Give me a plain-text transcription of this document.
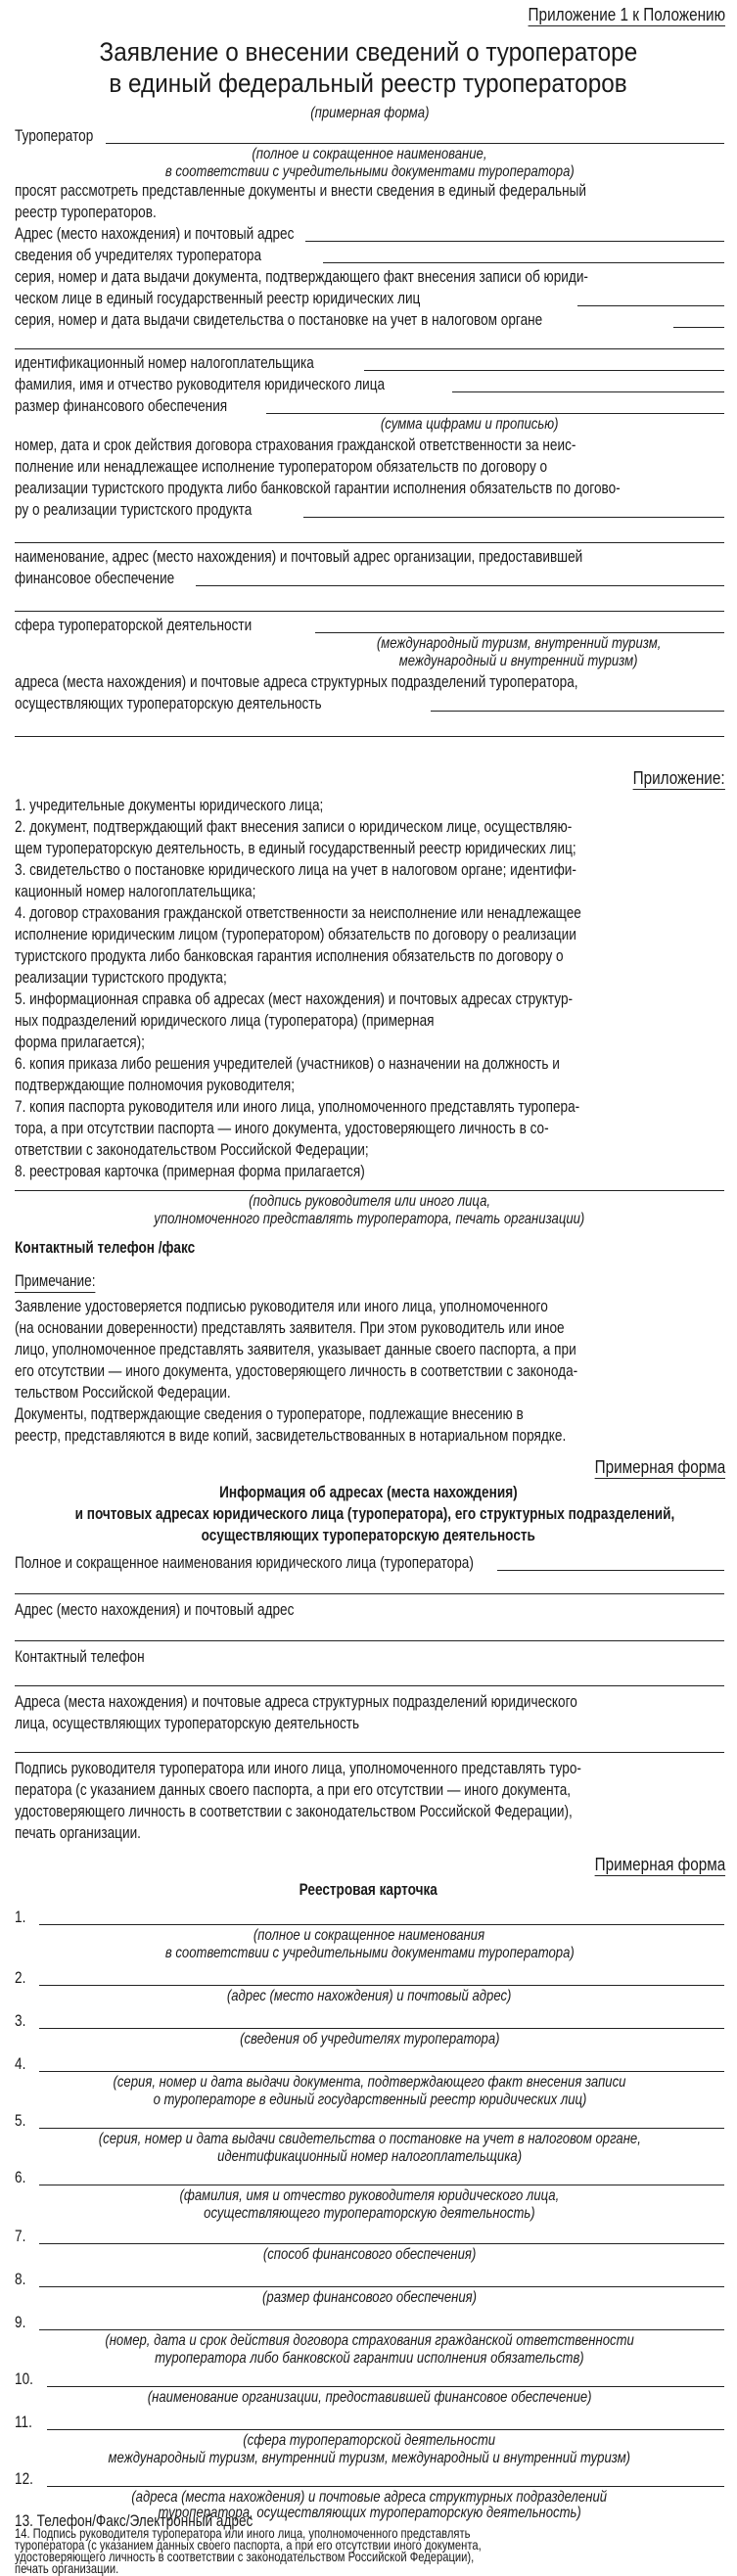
Приложение 1 к Положению
Заявление о внесении сведений о туроператоре
в единый федеральный реестр туроператоров
(примерная форма)
Туроператор
(полное и сокращенное наименование,
в соответствии с учредительными документами туроператора)
просят рассмотреть представленные документы и внести сведения в единый федеральный
реестр туроператоров.
Адрес (место нахождения) и почтовый адрес
сведения об учредителях туроператора
серия, номер и дата выдачи документа, подтверждающего факт внесения записи об юриди-
ческом лице в единый государственный реестр юридических лиц
серия, номер и дата выдачи свидетельства о постановке на учет в налоговом органе
идентификационный номер налогоплательщика
фамилия, имя и отчество руководителя юридического лица
размер финансового обеспечения
(сумма цифрами и прописью)
номер, дата и срок действия договора страхования гражданской ответственности за неис-
полнение или ненадлежащее исполнение туроператором обязательств по договору о
реализации туристского продукта либо банковской гарантии исполнения обязательств по догово-
ру о реализации туристского продукта
наименование, адрес (место нахождения) и почтовый адрес организации, предоставившей
финансовое обеспечение
сфера туроператорской деятельности
(международный туризм, внутренний туризм,
международный и внутренний туризм)
адреса (места нахождения) и почтовые адреса структурных подразделений туроператора,
осуществляющих туроператорскую деятельность
Приложение:
1. учредительные документы юридического лица;
2. документ, подтверждающий факт внесения записи о юридическом лице, осуществляю-
щем туроператорскую деятельность, в единый государственный реестр юридических лиц;
3. свидетельство о постановке юридического лица на учет в налоговом органе; идентифи-
кационный номер налогоплательщика;
4. договор страхования гражданской ответственности за неисполнение или ненадлежащее
исполнение юридическим лицом (туроператором) обязательств по договору о реализации
туристского продукта либо банковская гарантия исполнения обязательств по договору о
реализации туристского продукта;
5. информационная справка об адресах (мест нахождения) и почтовых адресах структур-
ных подразделений юридического лица (туроператора) (примерная
форма прилагается);
6. копия приказа либо решения учредителей (участников) о назначении на должность и
подтверждающие полномочия руководителя;
7. копия паспорта руководителя или иного лица, уполномоченного представлять туропера-
тора, а при отсутствии паспорта — иного документа, удостоверяющего личность в со-
ответствии с законодательством Российской Федерации;
8. реестровая карточка (примерная форма прилагается)
(подпись руководителя или иного лица,
уполномоченного представлять туроператора, печать организации)
Контактный телефон /факс
Примечание:
Заявление удостоверяется подписью руководителя или иного лица, уполномоченного
(на основании доверенности) представлять заявителя. При этом руководитель или иное
лицо, уполномоченное представлять заявителя, указывает данные своего паспорта, а при
его отсутствии — иного документа, удостоверяющего личность в соответствии с законода-
тельством Российской Федерации.
Документы, подтверждающие сведения о туроператоре, подлежащие внесению в
реестр, представляются в виде копий, засвидетельствованных в нотариальном порядке.
Примерная форма
Информация об адресах (места нахождения)
и почтовых адресах юридического лица (туроператора), его структурных подразделений,
осуществляющих туроператорскую деятельность
Полное и сокращенное наименования юридического лица (туроператора)
Адрес (место нахождения) и почтовый адрес
Контактный телефон
Адреса (места нахождения) и почтовые адреса структурных подразделений юридического
лица, осуществляющих туроператорскую деятельность
Подпись руководителя туроператора или иного лица, уполномоченного представлять туро-
ператора (с указанием данных своего паспорта, а при его отсутствии — иного документа,
удостоверяющего личность в соответствии с законодательством Российской Федерации),
печать организации.
Примерная форма
Реестровая карточка
1.
(полное и сокращенное наименования
в соответствии с учредительными документами туроператора)
2.
(адрес (место нахождения) и почтовый адрес)
3.
(сведения об учредителях туроператора)
4.
(серия, номер и дата выдачи документа, подтверждающего факт внесения записи
о туроператоре в единый государственный реестр юридических лиц)
5.
(серия, номер и дата выдачи свидетельства о постановке на учет в налоговом органе,
идентификационный номер налогоплательщика)
6.
(фамилия, имя и отчество руководителя юридического лица,
осуществляющего туроператорскую деятельность)
7.
(способ финансового обеспечения)
8.
(размер финансового обеспечения)
9.
(номер, дата и срок действия договора страхования гражданской ответственности
туроператора либо банковской гарантии исполнения обязательств)
10.
(наименование организации, предоставившей финансовое обеспечение)
11.
(сфера туроператорской деятельности
международный туризм, внутренний туризм, международный и внутренний туризм)
12.
(адреса (места нахождения) и почтовые адреса структурных подразделений
туроператора, осуществляющих туроператорскую деятельность)
13. Телефон/Факс/Электронный адрес
14. Подпись руководителя туроператора или иного лица, уполномоченного представлять
туроператора (с указанием данных своего паспорта, а при его отсутствии иного документа,
удостоверяющего личность в соответствии с законодательством Российской Федерации),
печать организации.
